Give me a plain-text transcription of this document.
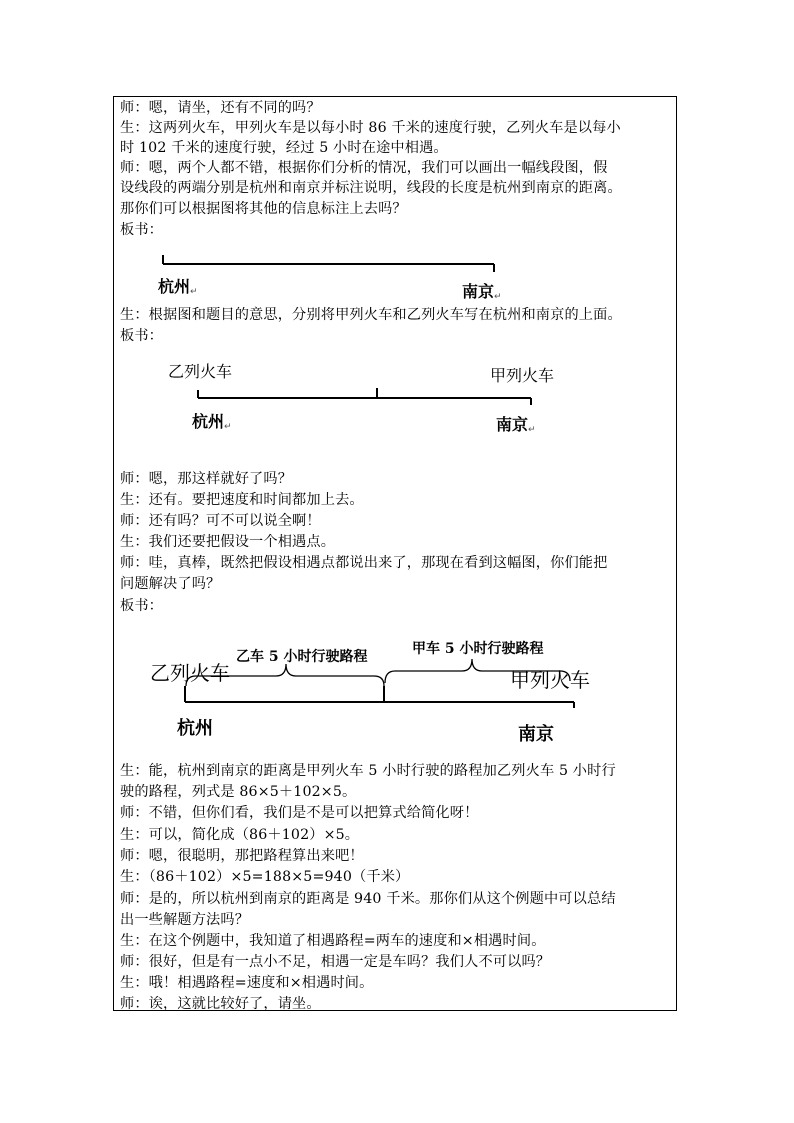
师：嗯，请坐，还有不同的吗？
生：这两列火车，甲列火车是以每小时 86 千米的速度行驶，乙列火车是以每小
时 102 千米的速度行驶，经过 5 小时在途中相遇。
师：嗯，两个人都不错，根据你们分析的情况，我们可以画出一幅线段图，假
设线段的两端分别是杭州和南京并标注说明，线段的长度是杭州到南京的距离。
那你们可以根据图将其他的信息标注上去吗？
板书：
生：根据图和题目的意思，分别将甲列火车和乙列火车写在杭州和南京的上面。
板书：
师：嗯，那这样就好了吗？
生：还有。要把速度和时间都加上去。
师：还有吗？可不可以说全啊！
生：我们还要把假设一个相遇点。
师：哇，真棒，既然把假设相遇点都说出来了，那现在看到这幅图，你们能把
问题解决了吗？
板书：
生：能，杭州到南京的距离是甲列火车 5 小时行驶的路程加乙列火车 5 小时行
驶的路程，列式是 86×5＋102×5。
师：不错，但你们看，我们是不是可以把算式给简化呀！
生：可以，简化成（86＋102）×5。
师：嗯，很聪明，那把路程算出来吧！
生：（86＋102）×5=188×5=940（千米）
师：是的，所以杭州到南京的距离是 940 千米。那你们从这个例题中可以总结
出一些解题方法吗？
生：在这个例题中，我知道了相遇路程=两车的速度和×相遇时间。
师：很好，但是有一点小不足，相遇一定是车吗？我们人不可以吗？
生：哦！相遇路程=速度和×相遇时间。
师：诶，这就比较好了，请坐。
杭州↵	南京↵
乙列火车	甲列火车
杭州↵	南京↵
乙列火车	甲列火车
乙车 5 小时行驶路程	甲车 5 小时行驶路程
杭州	南京
